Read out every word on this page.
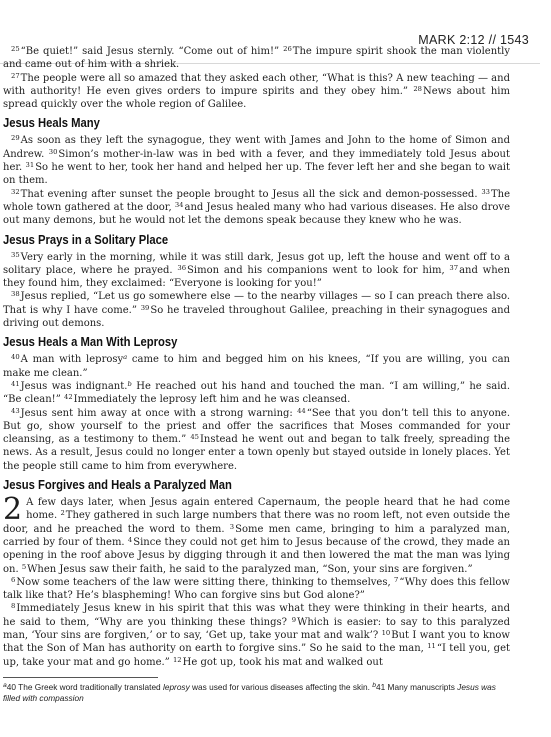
MARK 2:12 // 1543

$^{25}$“Be quiet!” said Jesus sternly. “Come out of him!” $^{26}$The impure spirit shook the man violently and came out of him with a shriek.

$^{27}$The people were all so amazed that they asked each other, “What is this? A new teaching — and with authority! He even gives orders to impure spirits and they obey him.” $^{28}$News about him spread quickly over the whole region of Galilee.

Jesus Heals Many

$^{29}$As soon as they left the synagogue, they went with James and John to the home of Simon and Andrew. $^{30}$Simon’s mother-in-law was in bed with a fever, and they immediately told Jesus about her. $^{31}$So he went to her, took her hand and helped her up. The fever left her and she began to wait on them.

$^{32}$That evening after sunset the people brought to Jesus all the sick and demon-possessed. $^{33}$The whole town gathered at the door, $^{34}$and Jesus healed many who had various diseases. He also drove out many demons, but he would not let the demons speak because they knew who he was.

Jesus Prays in a Solitary Place

$^{35}$Very early in the morning, while it was still dark, Jesus got up, left the house and went off to a solitary place, where he prayed. $^{36}$Simon and his companions went to look for him, $^{37}$and when they found him, they exclaimed: “Everyone is looking for you!”

$^{38}$Jesus replied, “Let us go somewhere else — to the nearby villages — so I can preach there also. That is why I have come.” $^{39}$So he traveled throughout Galilee, preaching in their synagogues and driving out demons.

Jesus Heals a Man With Leprosy

$^{40}$A man with leprosy$^a$ came to him and begged him on his knees, “If you are willing, you can make me clean.”

$^{41}$Jesus was indignant.$^b$ He reached out his hand and touched the man. “I am willing,” he said. “Be clean!” $^{42}$Immediately the leprosy left him and he was cleansed.

$^{43}$Jesus sent him away at once with a strong warning: $^{44}$“See that you don’t tell this to anyone. But go, show yourself to the priest and offer the sacrifices that Moses commanded for your cleansing, as a testimony to them.” $^{45}$Instead he went out and began to talk freely, spreading the news. As a result, Jesus could no longer enter a town openly but stayed outside in lonely places. Yet the people still came to him from everywhere.

Jesus Forgives and Heals a Paralyzed Man

2 A few days later, when Jesus again entered Capernaum, the people heard that he had come home. $^2$They gathered in such large numbers that there was no room left, not even outside the door, and he preached the word to them. $^3$Some men came, bringing to him a paralyzed man, carried by four of them. $^4$Since they could not get him to Jesus because of the crowd, they made an opening in the roof above Jesus by digging through it and then lowered the mat the man was lying on. $^5$When Jesus saw their faith, he said to the paralyzed man, “Son, your sins are forgiven.”

$^6$Now some teachers of the law were sitting there, thinking to themselves, $^7$“Why does this fellow talk like that? He’s blaspheming! Who can forgive sins but God alone?”

$^8$Immediately Jesus knew in his spirit that this was what they were thinking in their hearts, and he said to them, “Why are you thinking these things? $^9$Which is easier: to say to this paralyzed man, ‘Your sins are forgiven,’ or to say, ‘Get up, take your mat and walk’? $^{10}$But I want you to know that the Son of Man has authority on earth to forgive sins.” So he said to the man, $^{11}$“I tell you, get up, take your mat and go home.” $^{12}$He got up, took his mat and walked out

$^a$40 The Greek word traditionally translated leprosy was used for various diseases affecting the skin. $^b$41 Many manuscripts Jesus was filled with compassion
